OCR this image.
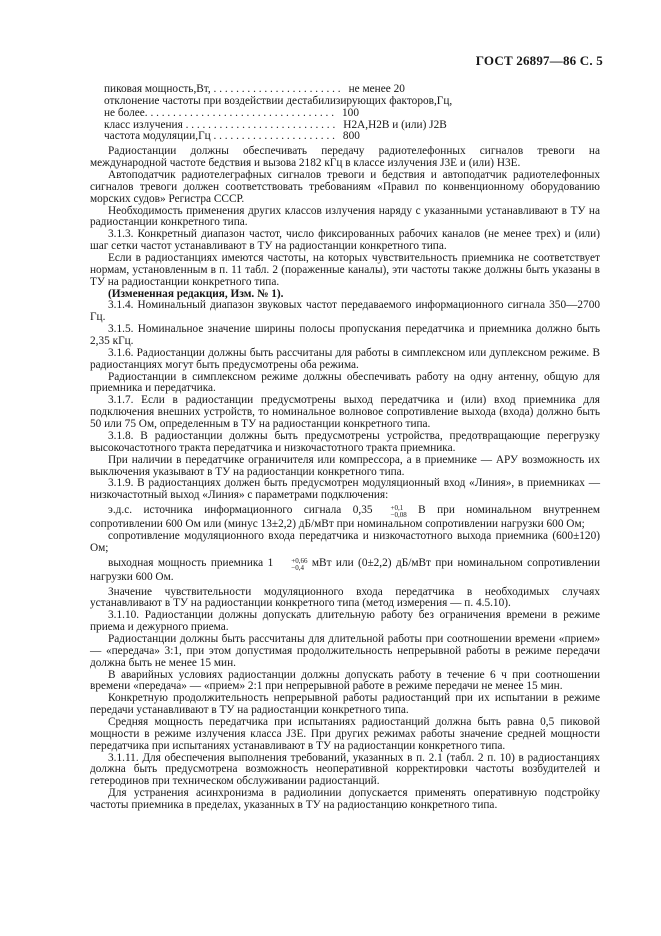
ГОСТ 26897—86 С. 5
пиковая мощность,Вт, . . . . . . . . . . . . . . . . . . . . . . . не менее 20
отклонение частоты при воздействии дестабилизирующих факторов,Гц,
не более. . . . . . . . . . . . . . . . . . . . . . . . . . . . . . . . . . 100
класс излучения . . . . . . . . . . . . . . . . . . . . . . . . . . . Н2А,Н2В и (или) J2B
частота модуляции,Гц . . . . . . . . . . . . . . . . . . . . . . 800

Радиостанции должны обеспечивать передачу радиотелефонных сигналов тревоги на международной частоте бедствия и вызова 2182 кГц в классе излучения J3E и (или) Н3Е.

Автоподатчик радиотелеграфных сигналов тревоги и бедствия и автоподатчик радиотелефонных сигналов тревоги должен соответствовать требованиям «Правил по конвенционному оборудованию морских судов» Регистра СССР.

Необходимость применения других классов излучения наряду с указанными устанавливают в ТУ на радиостанции конкретного типа.

3.1.3. Конкретный диапазон частот, число фиксированных рабочих каналов (не менее трех) и (или) шаг сетки частот устанавливают в ТУ на радиостанции конкретного типа.

Если в радиостанциях имеются частоты, на которых чувствительность приемника не соответствует нормам, установленным в п. 11 табл. 2 (пораженные каналы), эти частоты также должны быть указаны в ТУ на радиостанции конкретного типа.

(Измененная редакция, Изм. № 1).

3.1.4. Номинальный диапазон звуковых частот передаваемого информационного сигнала 350—2700 Гц.

3.1.5. Номинальное значение ширины полосы пропускания передатчика и приемника должно быть 2,35 кГц.

3.1.6. Радиостанции должны быть рассчитаны для работы в симплексном или дуплексном режиме. В радиостанциях могут быть предусмотрены оба режима.

Радиостанции в симплексном режиме должны обеспечивать работу на одну антенну, общую для приемника и передатчика.

3.1.7. Если в радиостанции предусмотрены выход передатчика и (или) вход приемника для подключения внешних устройств, то номинальное волновое сопротивление выхода (входа) должно быть 50 или 75 Ом, определенным в ТУ на радиостанции конкретного типа.

3.1.8. В радиостанции должны быть предусмотрены устройства, предотвращающие перегрузку высокочастотного тракта передатчика и низкочастотного тракта приемника.

При наличии в передатчике ограничителя или компрессора, а в приемнике — АРУ возможность их выключения указывают в ТУ на радиостанции конкретного типа.

3.1.9. В радиостанциях должен быть предусмотрен модуляционный вход «Линия», в приемниках — низкочастотный выход «Линия» с параметрами подключения:

э.д.с. источника информационного сигнала 0,35	$^{+0,1 -0,08}$ В при номинальном внутреннем сопротивлении 600 Ом или (минус 13±2,2) дБ/мВт при номинальном сопротивлении нагрузки 600 Ом;

сопротивление модуляционного входа передатчика и низкочастотного выхода приемника (600±120) Ом;

выходная мощность приемника 1	$^{+0,66 -0,4}$ мВт или (0±2,2) дБ/мВт при номинальном сопротивлении нагрузки 600 Ом.

Значение чувствительности модуляционного входа передатчика в необходимых случаях устанавливают в ТУ на радиостанции конкретного типа (метод измерения — п. 4.5.10).

3.1.10. Радиостанции должны допускать длительную работу без ограничения времени в режиме приема и дежурного приема.

Радиостанции должны быть рассчитаны для длительной работы при соотношении времени «прием» — «передача» 3:1, при этом допустимая продолжительность непрерывной работы в режиме передачи должна быть не менее 15 мин.

В аварийных условиях радиостанции должны допускать работу в течение 6 ч при соотношении времени «передача» — «прием» 2:1 при непрерывной работе в режиме передачи не менее 15 мин.

Конкретную продолжительность непрерывной работы радиостанций при их испытании в режиме передачи устанавливают в ТУ на радиостанции конкретного типа.

Средняя мощность передатчика при испытаниях радиостанций должна быть равна 0,5 пиковой мощности в режиме излучения класса J3E. При других режимах работы значение средней мощности передатчика при испытаниях устанавливают в ТУ на радиостанции конкретного типа.

3.1.11. Для обеспечения выполнения требований, указанных в п. 2.1 (табл. 2 п. 10) в радиостанциях должна быть предусмотрена возможность неоперативной корректировки частоты возбудителей и гетеродинов при техническом обслуживании радиостанций.

Для устранения асинхронизма в радиолинии допускается применять оперативную подстройку частоты приемника в пределах, указанных в ТУ на радиостанцию конкретного типа.
